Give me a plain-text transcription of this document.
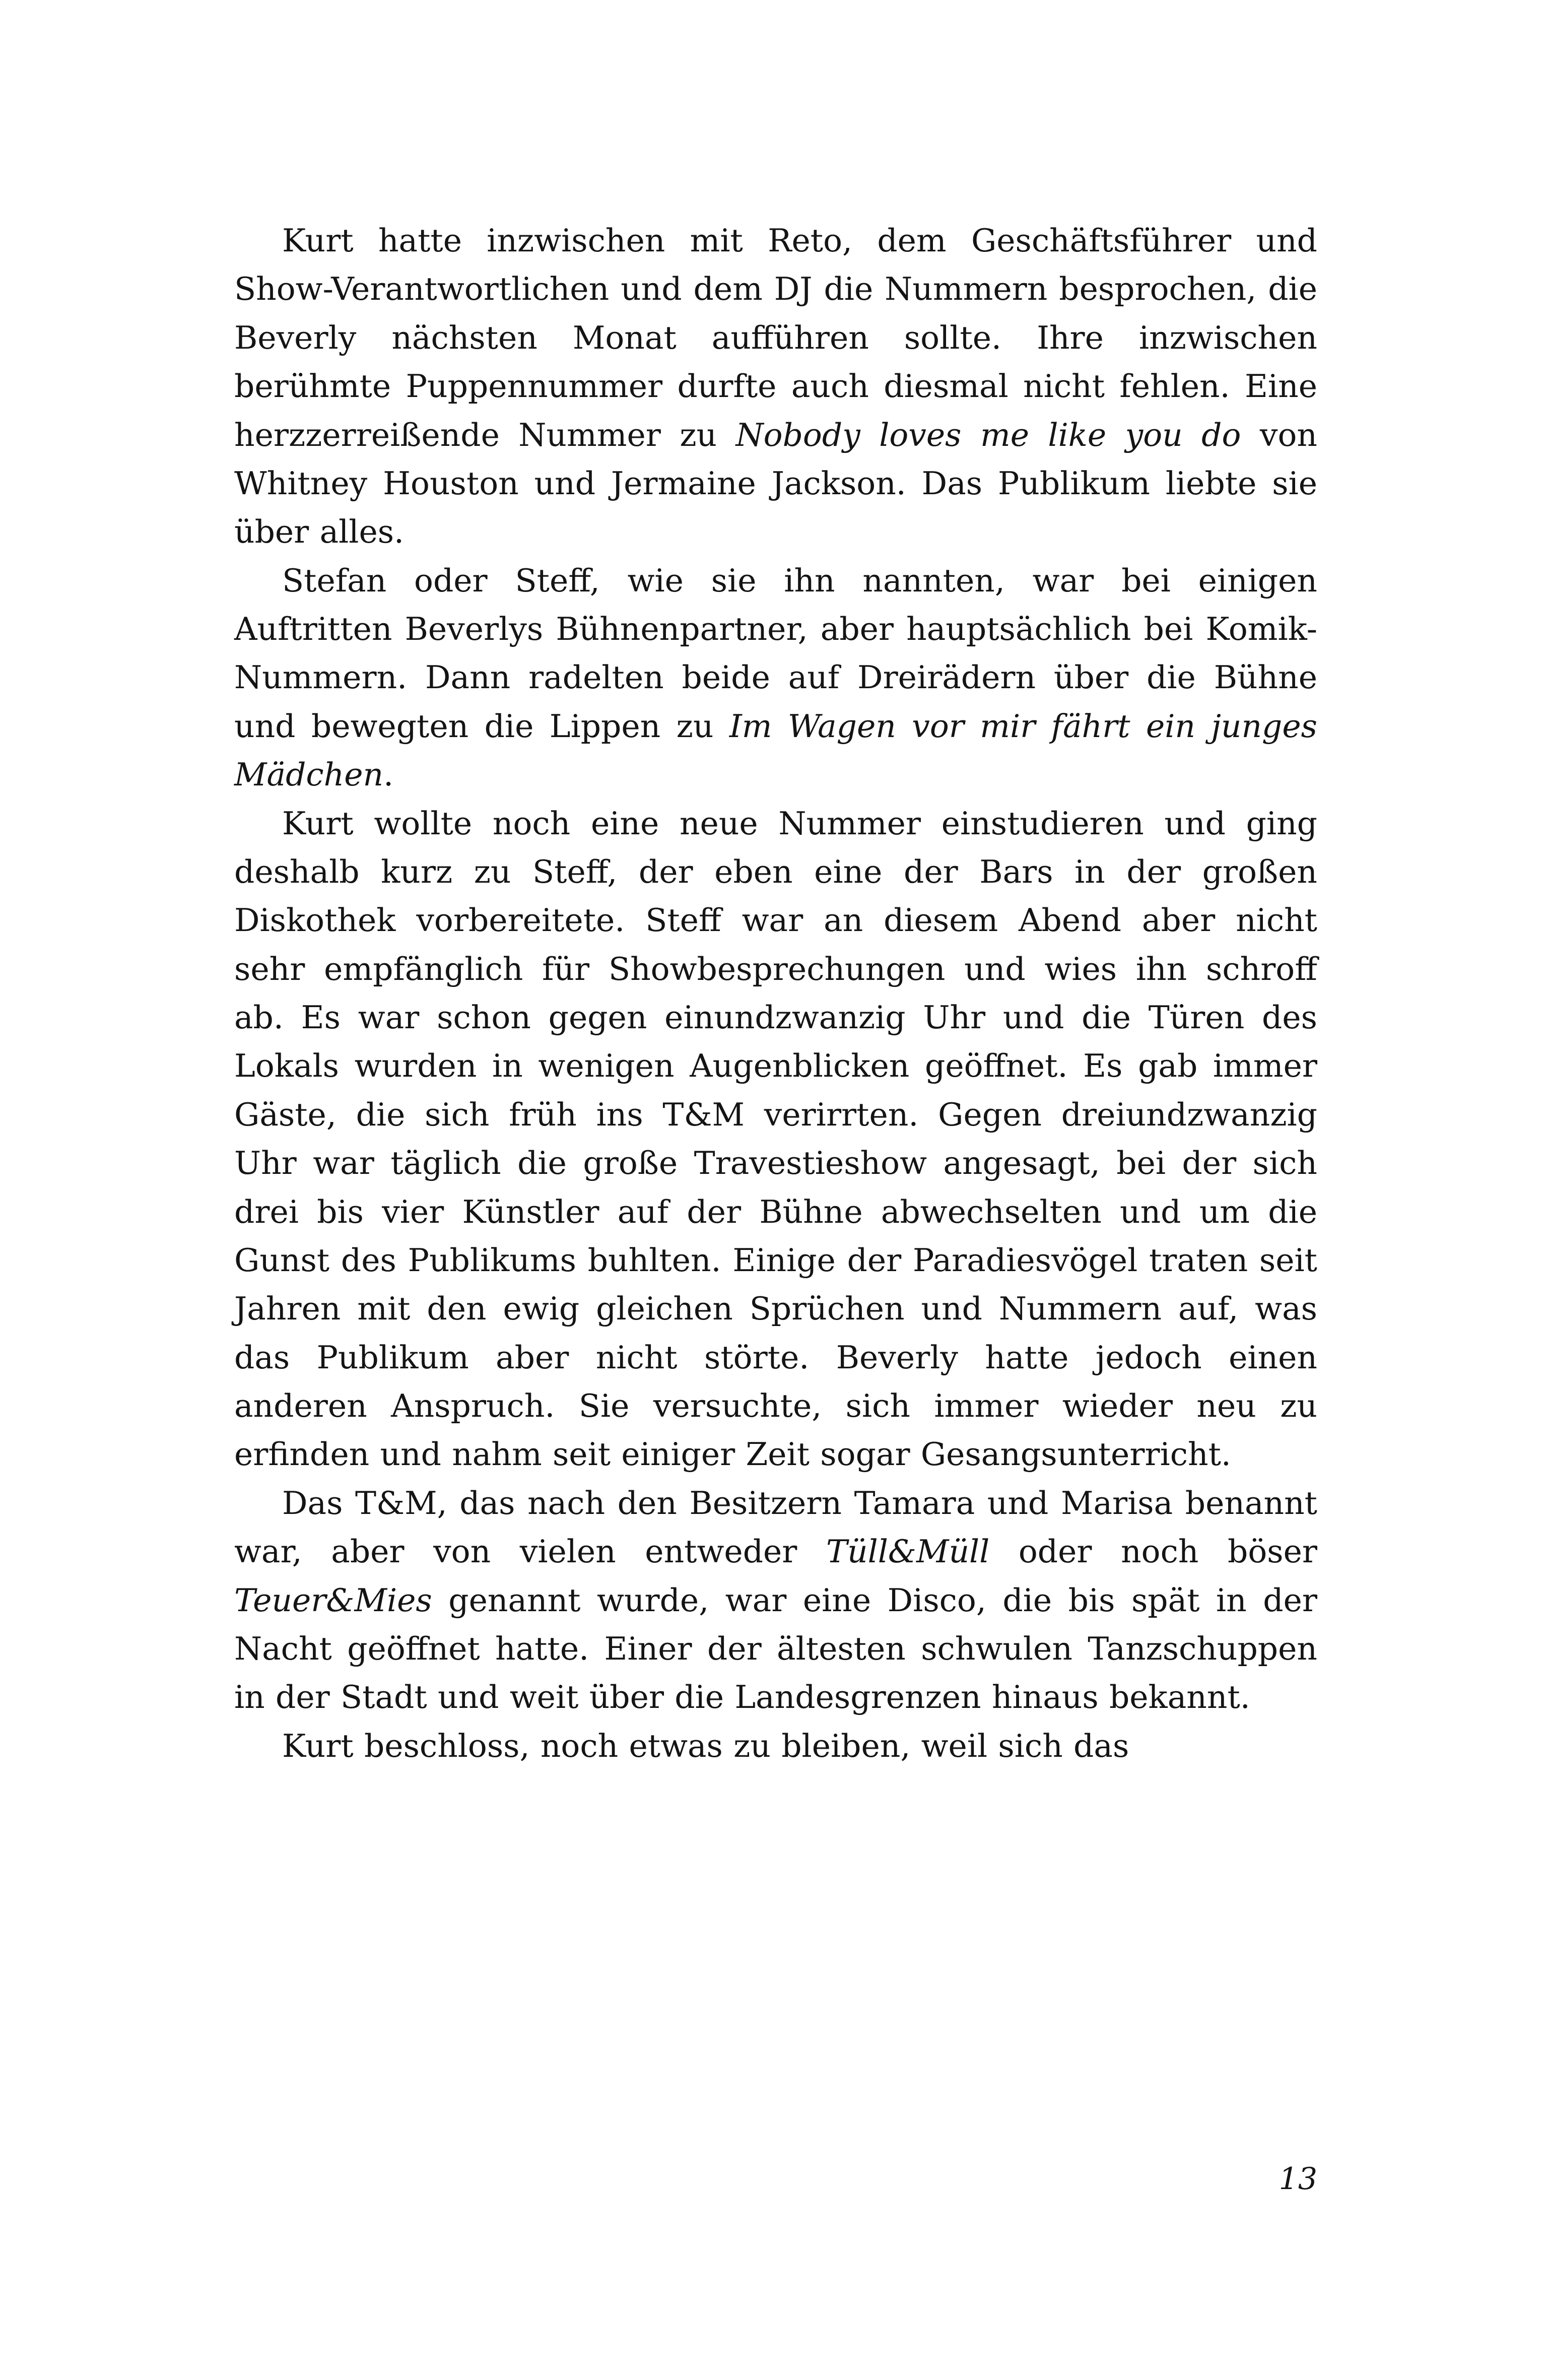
Kurt hatte inzwischen mit Reto, dem Geschäftsführer und Show-Verantwortlichen und dem DJ die Nummern besprochen, die Beverly nächsten Monat aufführen sollte. Ihre inzwischen berühmte Puppennummer durfte auch diesmal nicht fehlen. Eine herzzerreißende Nummer zu Nobody loves me like you do von Whitney Houston und Jermaine Jackson. Das Publikum liebte sie über alles.

Stefan oder Steff, wie sie ihn nannten, war bei einigen Auftritten Beverlys Bühnenpartner, aber hauptsächlich bei Komik-Nummern. Dann radelten beide auf Dreirädern über die Bühne und bewegten die Lippen zu Im Wagen vor mir fährt ein junges Mädchen.

Kurt wollte noch eine neue Nummer einstudieren und ging deshalb kurz zu Steff, der eben eine der Bars in der großen Diskothek vorbereitete. Steff war an diesem Abend aber nicht sehr empfänglich für Showbesprechungen und wies ihn schroff ab. Es war schon gegen einundzwanzig Uhr und die Türen des Lokals wurden in wenigen Augenblicken geöffnet. Es gab immer Gäste, die sich früh ins T&M verirrten. Gegen dreiundzwanzig Uhr war täglich die große Travestieshow angesagt, bei der sich drei bis vier Künstler auf der Bühne abwechselten und um die Gunst des Publikums buhlten. Einige der Paradiesvögel traten seit Jahren mit den ewig gleichen Sprüchen und Nummern auf, was das Publikum aber nicht störte. Beverly hatte jedoch einen anderen Anspruch. Sie versuchte, sich immer wieder neu zu erfinden und nahm seit einiger Zeit sogar Gesangsunterricht.

Das T&M, das nach den Besitzern Tamara und Marisa benannt war, aber von vielen entweder Tüll&Müll oder noch böser Teuer&Mies genannt wurde, war eine Disco, die bis spät in der Nacht geöffnet hatte. Einer der ältesten schwulen Tanzschuppen in der Stadt und weit über die Landesgrenzen hinaus bekannt.

Kurt beschloss, noch etwas zu bleiben, weil sich das

13
